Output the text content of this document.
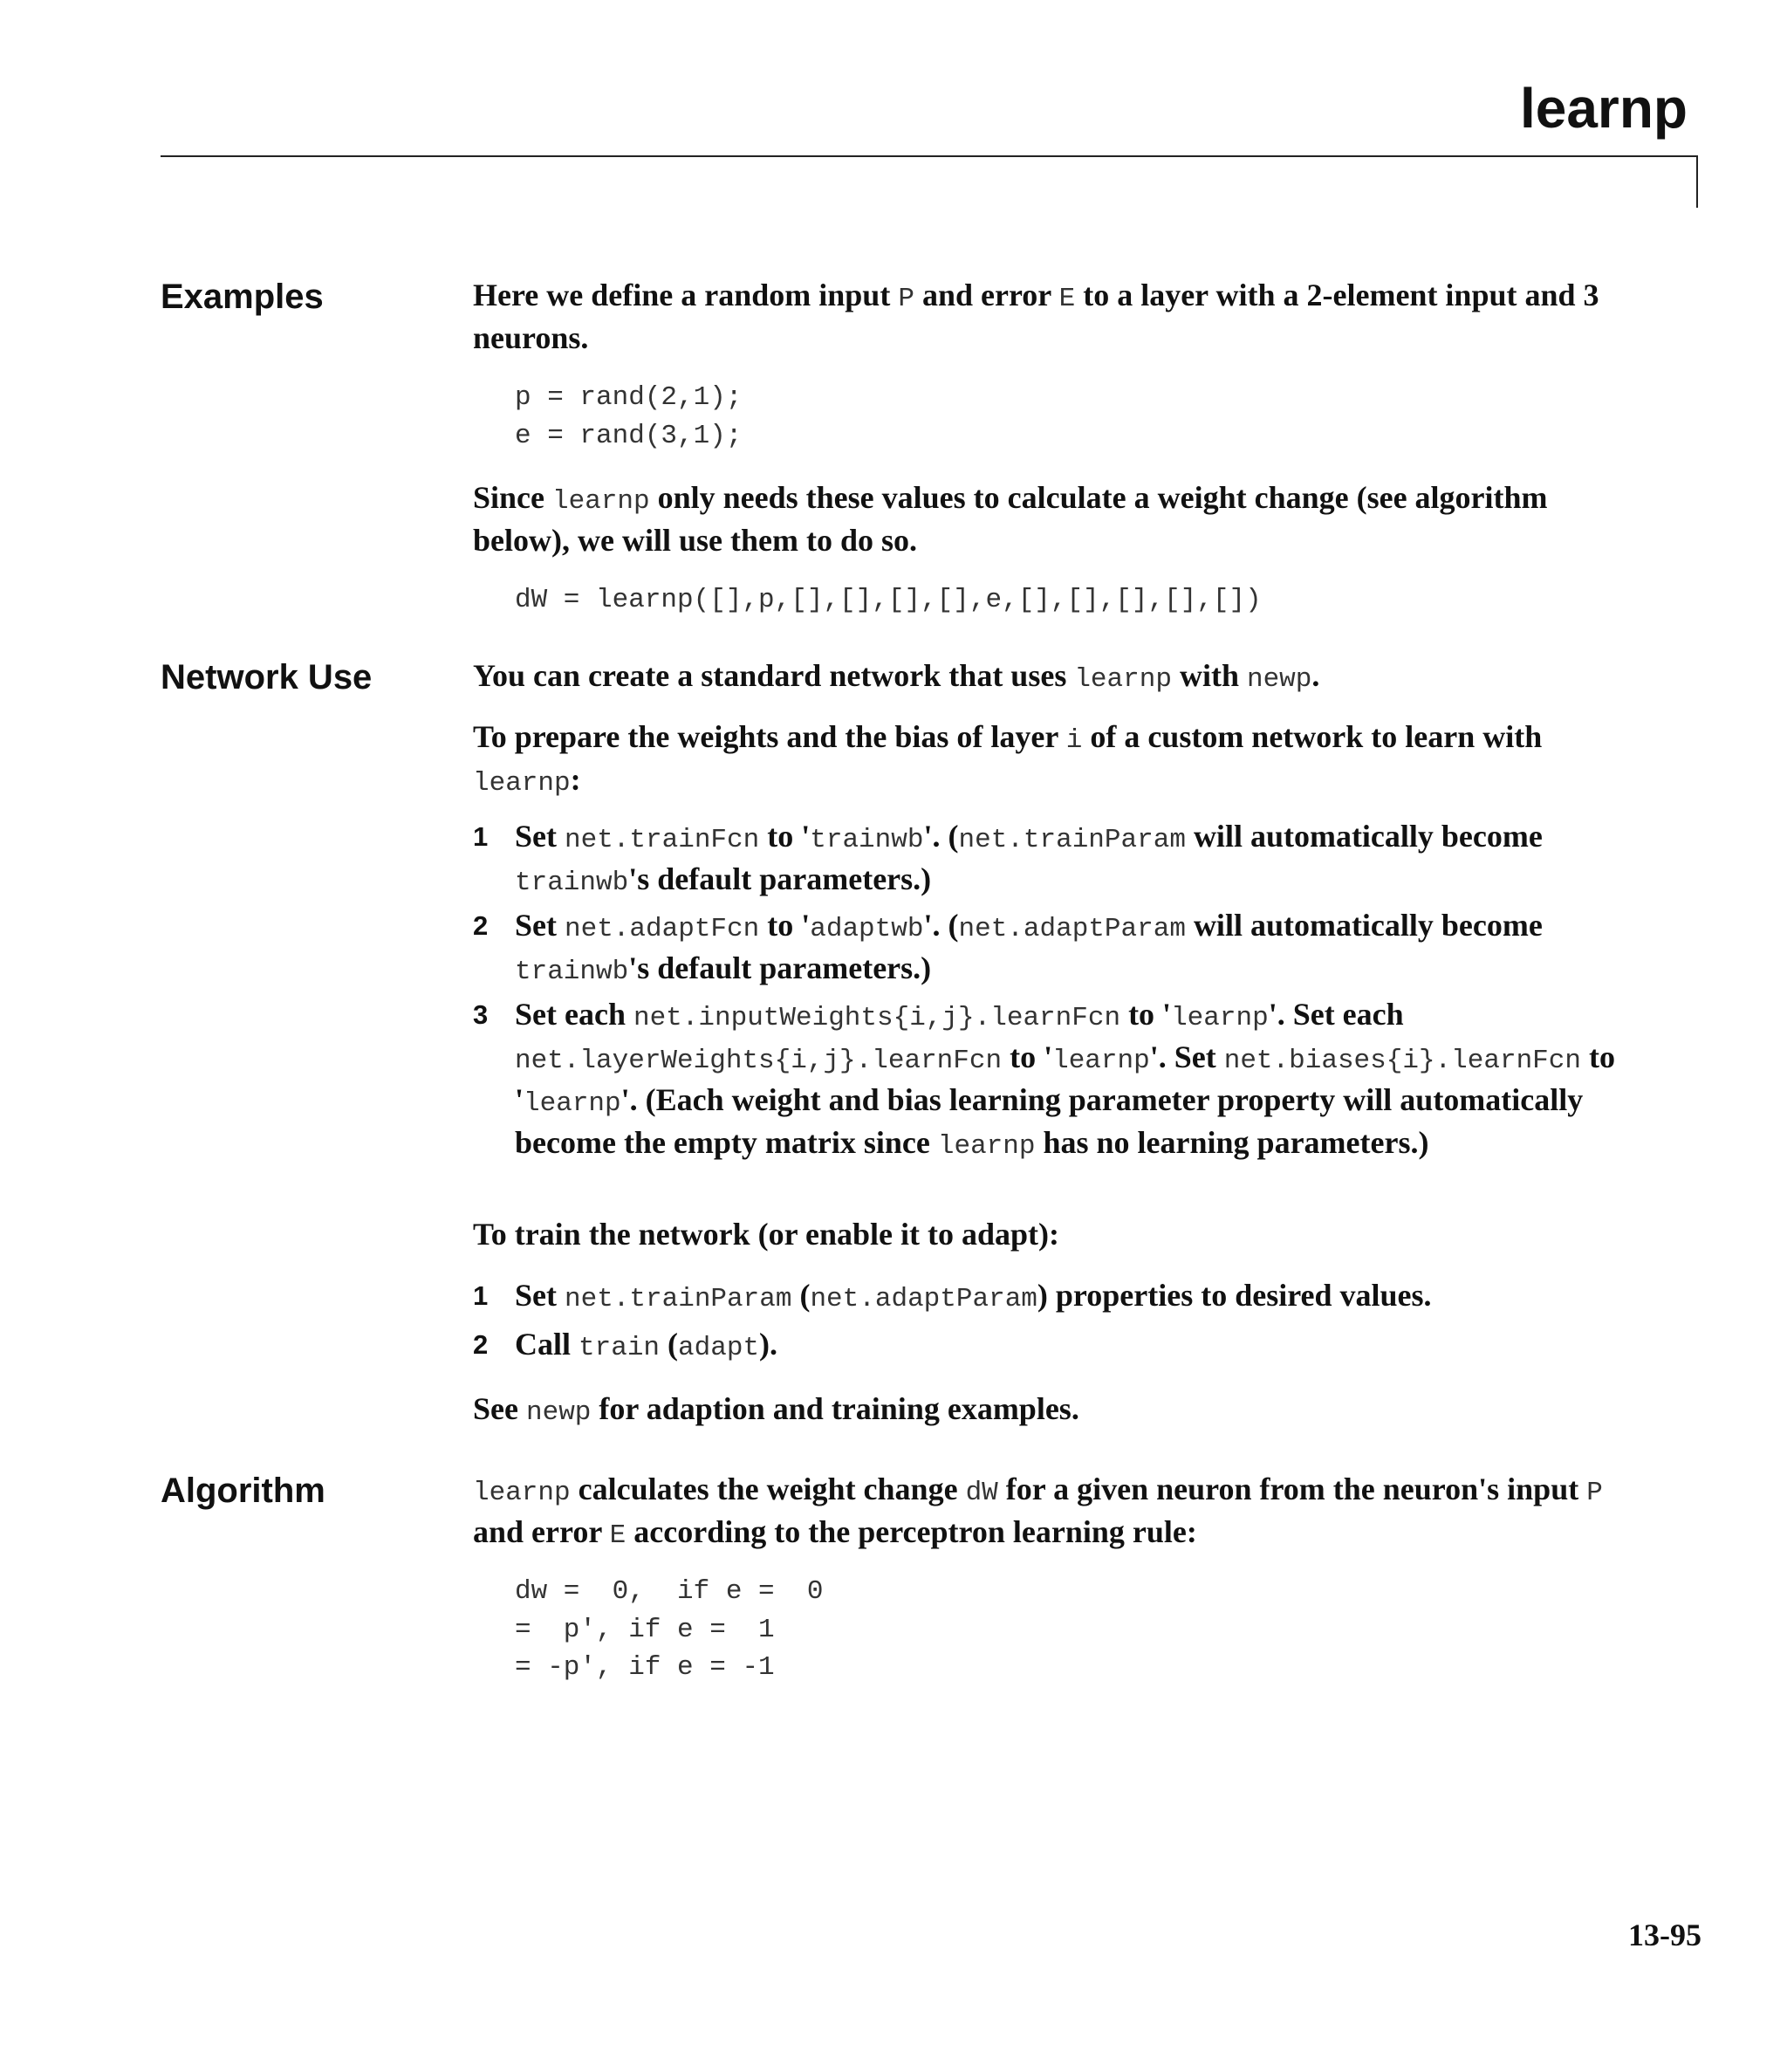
learnp
Examples	Here we define a random input P and error E to a layer with a 2-element input and 3 neurons.

p = rand(2,1);
e = rand(3,1);

Since learnp only needs these values to calculate a weight change (see algorithm below), we will use them to do so.

dW = learnp([],p,[],[],[],[],e,[],[],[],[],[])
Network Use	You can create a standard network that uses learnp with newp.

To prepare the weights and the bias of layer i of a custom network to learn with learnp:

1 Set net.trainFcn to 'trainwb'. (net.trainParam will automatically become trainwb's default parameters.)
2 Set net.adaptFcn to 'adaptwb'. (net.adaptParam will automatically become trainwb's default parameters.)
3 Set each net.inputWeights{i,j}.learnFcn to 'learnp'. Set each net.layerWeights{i,j}.learnFcn to 'learnp'. Set net.biases{i}.learnFcn to 'learnp'. (Each weight and bias learning parameter property will automatically become the empty matrix since learnp has no learning parameters.)

To train the network (or enable it to adapt):

1 Set net.trainParam (net.adaptParam) properties to desired values.
2 Call train (adapt).

See newp for adaption and training examples.

Algorithm	learnp calculates the weight change dW for a given neuron from the neuron's input P and error E according to the perceptron learning rule:

dw =  0,  if e =  0
=  p', if e =  1
= -p', if e = -1

13-95
